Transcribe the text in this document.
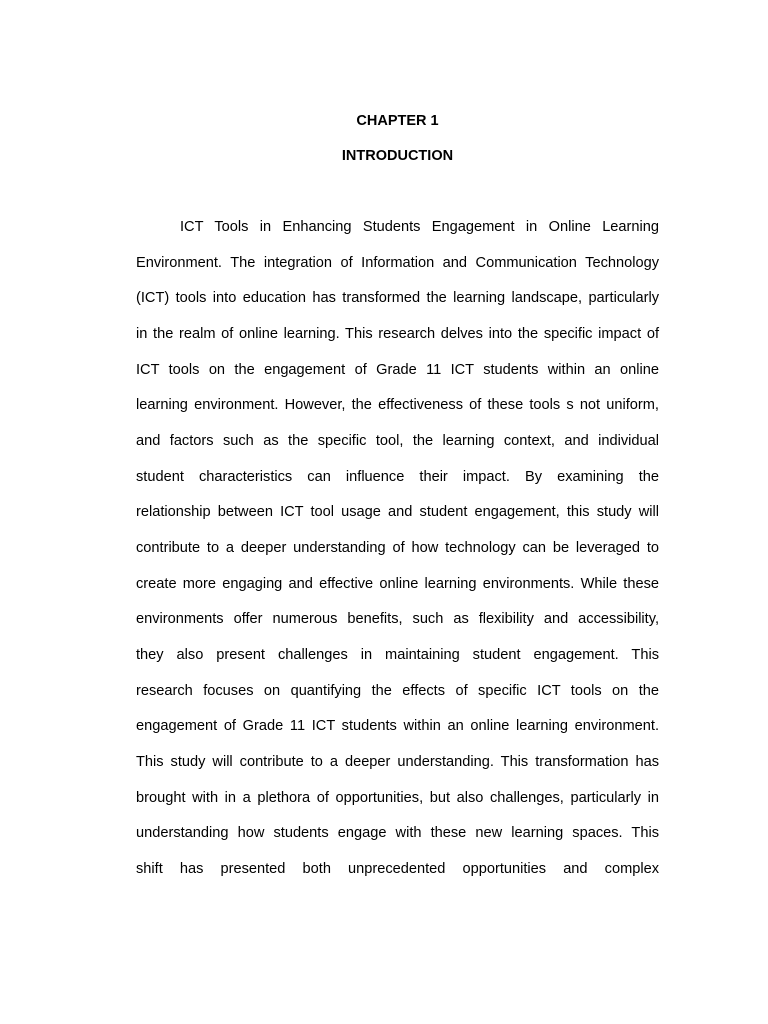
CHAPTER 1
INTRODUCTION
ICT Tools in Enhancing Students Engagement in Online Learning
Environment. The integration of Information and Communication Technology
(ICT) tools into education has transformed the learning landscape, particularly
in the realm of online learning. This research delves into the specific impact of
ICT tools on the engagement of Grade 11 ICT students within an online
learning environment. However, the effectiveness of these tools s not uniform,
and factors such as the specific tool, the learning context, and individual
student characteristics can influence their impact. By examining the
relationship between ICT tool usage and student engagement, this study will
contribute to a deeper understanding of how technology can be leveraged to
create more engaging and effective online learning environments. While these
environments offer numerous benefits, such as flexibility and accessibility,
they also present challenges in maintaining student engagement. This
research focuses on quantifying the effects of specific ICT tools on the
engagement of Grade 11 ICT students within an online learning environment.
This study will contribute to a deeper understanding. This transformation has
brought with in a plethora of opportunities, but also challenges, particularly in
understanding how students engage with these new learning spaces. This
shift has presented both unprecedented opportunities and complex
